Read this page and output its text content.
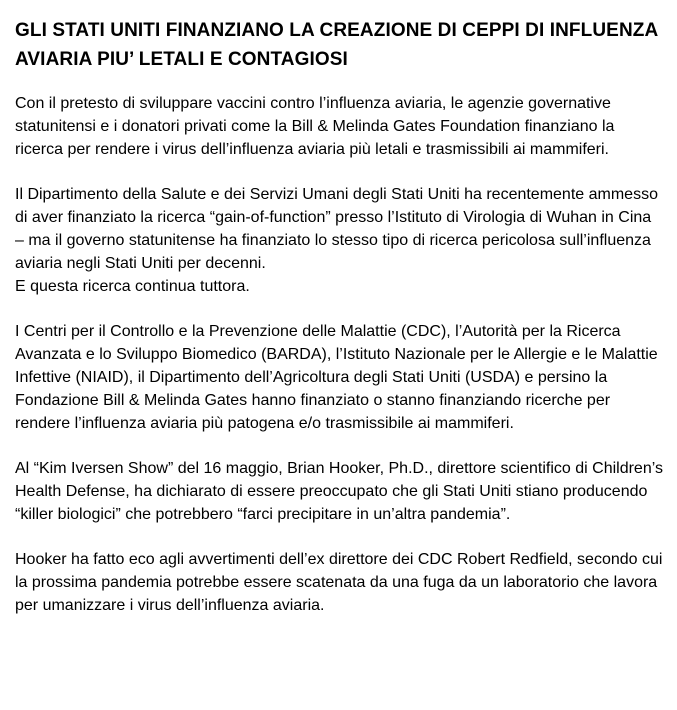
GLI STATI UNITI FINANZIANO LA CREAZIONE DI CEPPI DI INFLUENZA AVIARIA PIU’ LETALI E CONTAGIOSI

Con il pretesto di sviluppare vaccini contro l’influenza aviaria, le agenzie governative statunitensi e i donatori privati come la Bill & Melinda Gates Foundation finanziano la ricerca per rendere i virus dell’influenza aviaria più letali e trasmissibili ai mammiferi.

Il Dipartimento della Salute e dei Servizi Umani degli Stati Uniti ha recentemente ammesso di aver finanziato la ricerca “gain-of-function” presso l’Istituto di Virologia di Wuhan in Cina – ma il governo statunitense ha finanziato lo stesso tipo di ricerca pericolosa sull’influenza aviaria negli Stati Uniti per decenni.
E questa ricerca continua tuttora.

I Centri per il Controllo e la Prevenzione delle Malattie (CDC), l’Autorità per la Ricerca Avanzata e lo Sviluppo Biomedico (BARDA), l’Istituto Nazionale per le Allergie e le Malattie Infettive (NIAID), il Dipartimento dell’Agricoltura degli Stati Uniti (USDA) e persino la Fondazione Bill & Melinda Gates hanno finanziato o stanno finanziando ricerche per rendere l’influenza aviaria più patogena e/o trasmissibile ai mammiferi.

Al “Kim Iversen Show” del 16 maggio, Brian Hooker, Ph.D., direttore scientifico di Children’s Health Defense, ha dichiarato di essere preoccupato che gli Stati Uniti stiano producendo “killer biologici” che potrebbero “farci precipitare in un’altra pandemia”.

Hooker ha fatto eco agli avvertimenti dell’ex direttore dei CDC Robert Redfield, secondo cui la prossima pandemia potrebbe essere scatenata da una fuga da un laboratorio che lavora per umanizzare i virus dell’influenza aviaria.
